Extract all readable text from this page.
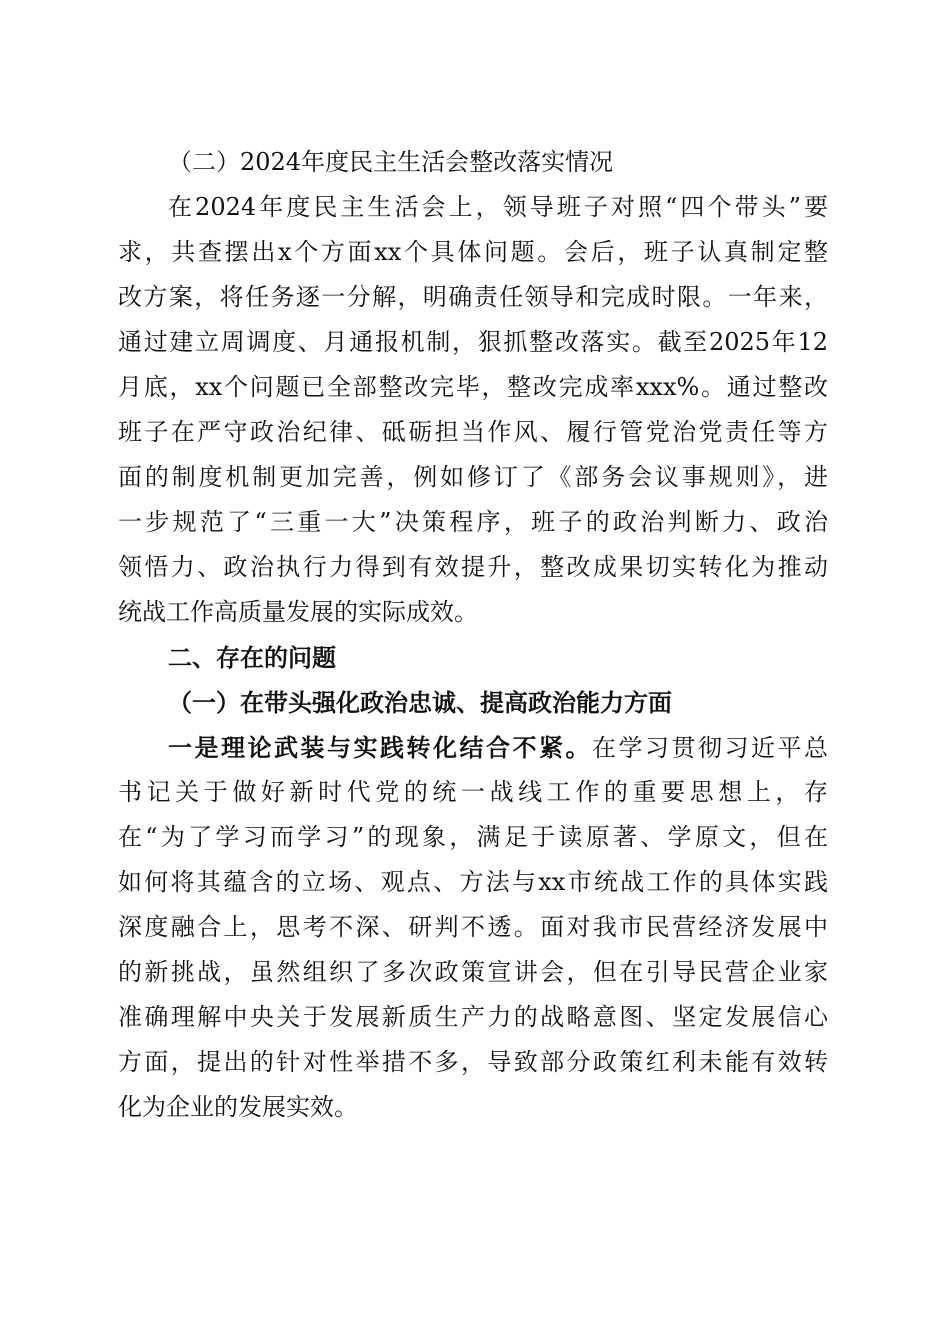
（二）2024年度民主生活会整改落实情况
在2024年度民主生活会上，领导班子对照“四个带头”要
求，共查摆出x个方面xx个具体问题。会后，班子认真制定整
改方案，将任务逐一分解，明确责任领导和完成时限。一年来，
通过建立周调度、月通报机制，狠抓整改落实。截至2025年12
月底，xx个问题已全部整改完毕，整改完成率xxx%。通过整改
班子在严守政治纪律、砥砺担当作风、履行管党治党责任等方
面的制度机制更加完善，例如修订了《部务会议事规则》，进
一步规范了“三重一大”决策程序，班子的政治判断力、政治
领悟力、政治执行力得到有效提升，整改成果切实转化为推动
统战工作高质量发展的实际成效。
二、存在的问题
（一）在带头强化政治忠诚、提高政治能力方面
一是理论武装与实践转化结合不紧。在学习贯彻习近平总
书记关于做好新时代党的统一战线工作的重要思想上，存
在“为了学习而学习”的现象，满足于读原著、学原文，但在
如何将其蕴含的立场、观点、方法与xx市统战工作的具体实践
深度融合上，思考不深、研判不透。面对我市民营经济发展中
的新挑战，虽然组织了多次政策宣讲会，但在引导民营企业家
准确理解中央关于发展新质生产力的战略意图、坚定发展信心
方面，提出的针对性举措不多，导致部分政策红利未能有效转
化为企业的发展实效。
